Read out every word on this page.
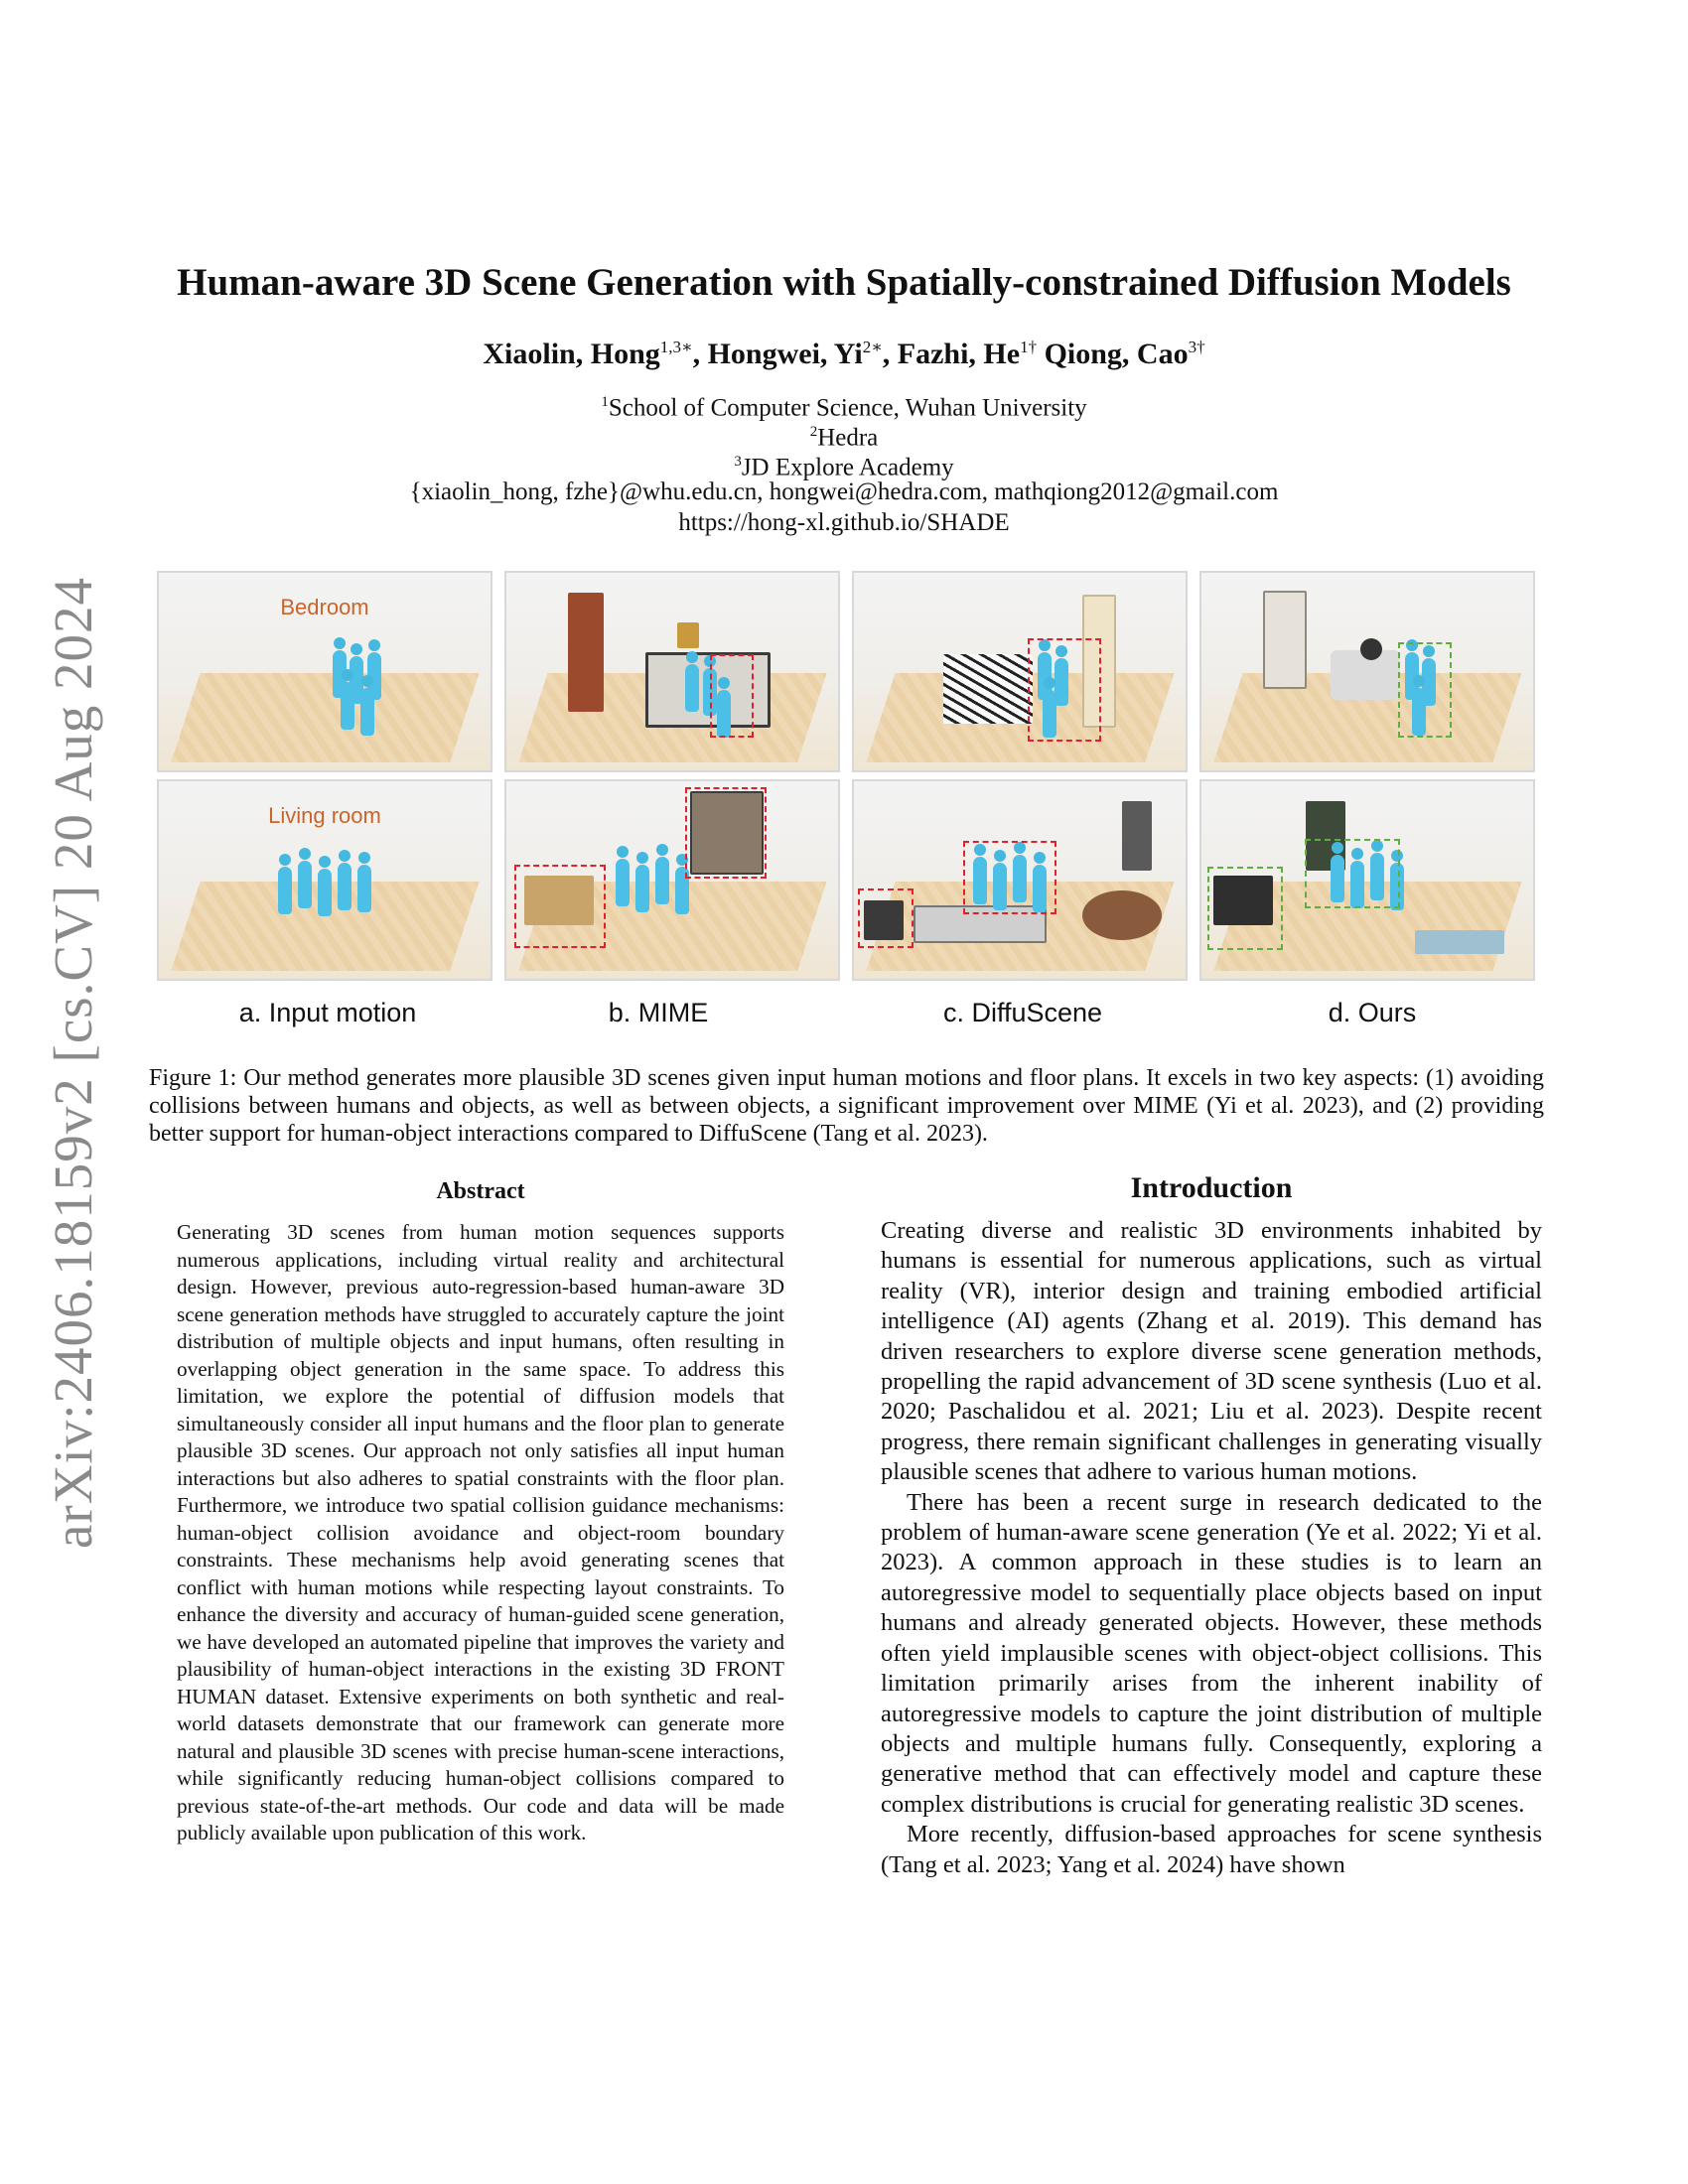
arXiv:2406.18159v2 [cs.CV] 20 Aug 2024
Human-aware 3D Scene Generation with Spatially-constrained Diffusion Models
Xiaolin, Hong$^{1,3∗}$, Hongwei, $Yi^{2∗}$, Fazhi, $He^{1\dagger}$ Qiong, Cao$^{3\dagger}$
$^1$School of Computer Science, Wuhan University
$^2$Hedra
$^3$JD Explore Academy
{xiaolin_hong, fzhe}@whu.edu.cn, hongwei@hedra.com, mathqiong2012@gmail.com
https://hong-xl.github.io/SHADE
Bedroom
Living room
a. Input motion	b. MIME	c. DiffuScene	d. Ours
Figure 1: Our method generates more plausible 3D scenes given input human motions and floor plans. It excels in two key aspects: (1) avoiding collisions between humans and objects, as well as between objects, a significant improvement over MIME (Yi et al. 2023), and (2) providing better support for human-object interactions compared to DiffuScene (Tang et al. 2023).
Abstract
Generating 3D scenes from human motion sequences supports numerous applications, including virtual reality and architectural design. However, previous auto-regression-based human-aware 3D scene generation methods have struggled to accurately capture the joint distribution of multiple objects and input humans, often resulting in overlapping object generation in the same space. To address this limitation, we explore the potential of diffusion models that simultaneously consider all input humans and the floor plan to generate plausible 3D scenes. Our approach not only satisfies all input human interactions but also adheres to spatial constraints with the floor plan. Furthermore, we introduce two spatial collision guidance mechanisms: human-object collision avoidance and object-room boundary constraints. These mechanisms help avoid generating scenes that conflict with human motions while respecting layout constraints. To enhance the diversity and accuracy of human-guided scene generation, we have developed an automated pipeline that improves the variety and plausibility of human-object interactions in the existing 3D FRONT HUMAN dataset. Extensive experiments on both synthetic and real-world datasets demonstrate that our framework can generate more natural and plausible 3D scenes with precise human-scene interactions, while significantly reducing human-object collisions compared to previous state-of-the-art methods. Our code and data will be made publicly available upon publication of this work.
Introduction

Creating diverse and realistic 3D environments inhabited by humans is essential for numerous applications, such as virtual reality (VR), interior design and training embodied artificial intelligence (AI) agents (Zhang et al. 2019). This demand has driven researchers to explore diverse scene generation methods, propelling the rapid advancement of 3D scene synthesis (Luo et al. 2020; Paschalidou et al. 2021; Liu et al. 2023). Despite recent progress, there remain significant challenges in generating visually plausible scenes that adhere to various human motions.

There has been a recent surge in research dedicated to the problem of human-aware scene generation (Ye et al. 2022; Yi et al. 2023). A common approach in these studies is to learn an autoregressive model to sequentially place objects based on input humans and already generated objects. However, these methods often yield implausible scenes with object-object collisions. This limitation primarily arises from the inherent inability of autoregressive models to capture the joint distribution of multiple objects and multiple humans fully. Consequently, exploring a generative method that can effectively model and capture these complex distributions is crucial for generating realistic 3D scenes.

More recently, diffusion-based approaches for scene synthesis (Tang et al. 2023; Yang et al. 2024) have shown
